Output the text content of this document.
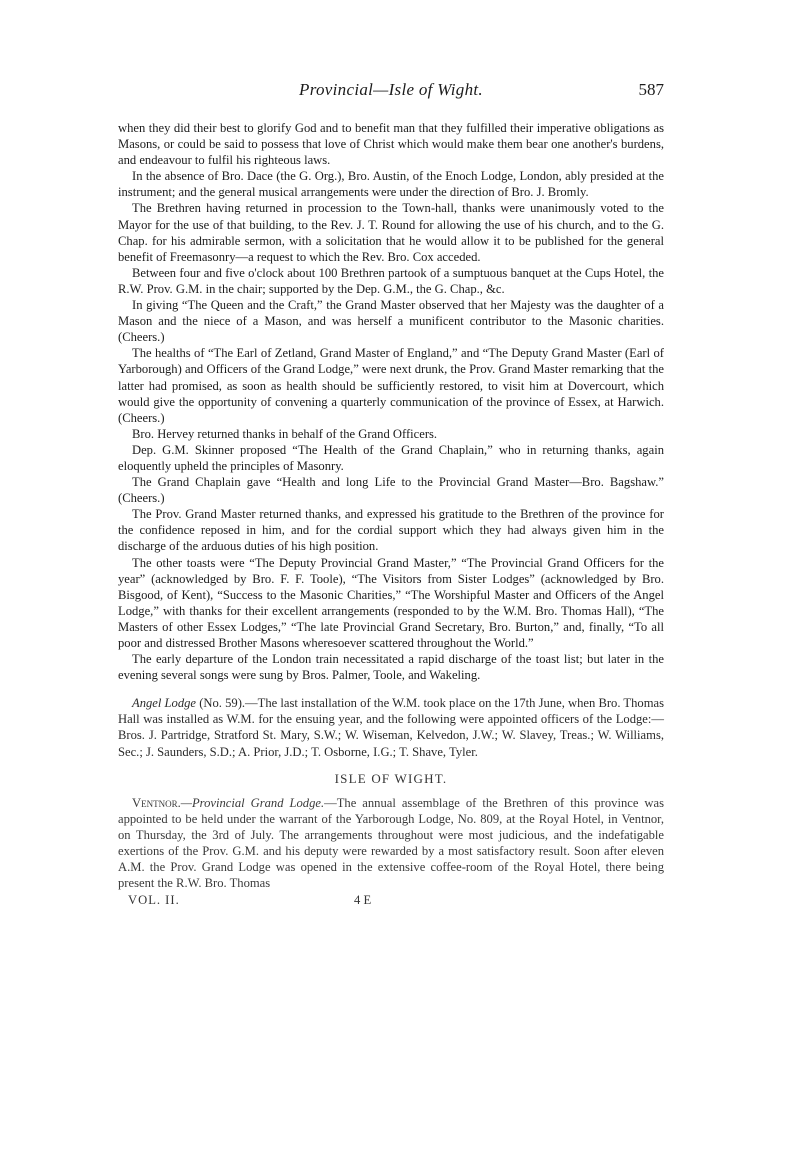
Provincial—Isle of Wight.	587

when they did their best to glorify God and to benefit man that they fulfilled their imperative obligations as Masons, or could be said to possess that love of Christ which would make them bear one another's burdens, and endeavour to fulfil his righteous laws.

In the absence of Bro. Dace (the G. Org.), Bro. Austin, of the Enoch Lodge, London, ably presided at the instrument; and the general musical arrangements were under the direction of Bro. J. Bromly.

The Brethren having returned in procession to the Town-hall, thanks were unanimously voted to the Mayor for the use of that building, to the Rev. J. T. Round for allowing the use of his church, and to the G. Chap. for his admirable sermon, with a solicitation that he would allow it to be published for the general benefit of Freemasonry—a request to which the Rev. Bro. Cox acceded.

Between four and five o'clock about 100 Brethren partook of a sumptuous banquet at the Cups Hotel, the R.W. Prov. G.M. in the chair; supported by the Dep. G.M., the G. Chap., &c.

In giving “The Queen and the Craft,” the Grand Master observed that her Majesty was the daughter of a Mason and the niece of a Mason, and was herself a munificent contributor to the Masonic charities. (Cheers.)

The healths of “The Earl of Zetland, Grand Master of England,” and “The Deputy Grand Master (Earl of Yarborough) and Officers of the Grand Lodge,” were next drunk, the Prov. Grand Master remarking that the latter had promised, as soon as health should be sufficiently restored, to visit him at Dovercourt, which would give the opportunity of convening a quarterly communication of the province of Essex, at Harwich. (Cheers.)

Bro. Hervey returned thanks in behalf of the Grand Officers.

Dep. G.M. Skinner proposed “The Health of the Grand Chaplain,” who in returning thanks, again eloquently upheld the principles of Masonry.

The Grand Chaplain gave “Health and long Life to the Provincial Grand Master—Bro. Bagshaw.” (Cheers.)

The Prov. Grand Master returned thanks, and expressed his gratitude to the Brethren of the province for the confidence reposed in him, and for the cordial support which they had always given him in the discharge of the arduous duties of his high position.

The other toasts were “The Deputy Provincial Grand Master,” “The Provincial Grand Officers for the year” (acknowledged by Bro. F. F. Toole), “The Visitors from Sister Lodges” (acknowledged by Bro. Bisgood, of Kent), “Success to the Masonic Charities,” “The Worshipful Master and Officers of the Angel Lodge,” with thanks for their excellent arrangements (responded to by the W.M. Bro. Thomas Hall), “The Masters of other Essex Lodges,” “The late Provincial Grand Secretary, Bro. Burton,” and, finally, “To all poor and distressed Brother Masons wheresoever scattered throughout the World.”

The early departure of the London train necessitated a rapid discharge of the toast list; but later in the evening several songs were sung by Bros. Palmer, Toole, and Wakeling.

Angel Lodge (No. 59).—The last installation of the W.M. took place on the 17th June, when Bro. Thomas Hall was installed as W.M. for the ensuing year, and the following were appointed officers of the Lodge:—Bros. J. Partridge, Stratford St. Mary, S.W.; W. Wiseman, Kelvedon, J.W.; W. Slavey, Treas.; W. Williams, Sec.; J. Saunders, S.D.; A. Prior, J.D.; T. Osborne, I.G.; T. Shave, Tyler.

ISLE OF WIGHT.

Ventnor.—Provincial Grand Lodge.—The annual assemblage of the Brethren of this province was appointed to be held under the warrant of the Yarborough Lodge, No. 809, at the Royal Hotel, in Ventnor, on Thursday, the 3rd of July. The arrangements throughout were most judicious, and the indefatigable exertions of the Prov. G.M. and his deputy were rewarded by a most satisfactory result. Soon after eleven A.M. the Prov. Grand Lodge was opened in the extensive coffee-room of the Royal Hotel, there being present the R.W. Bro. Thomas

VOL. II.	4 E
